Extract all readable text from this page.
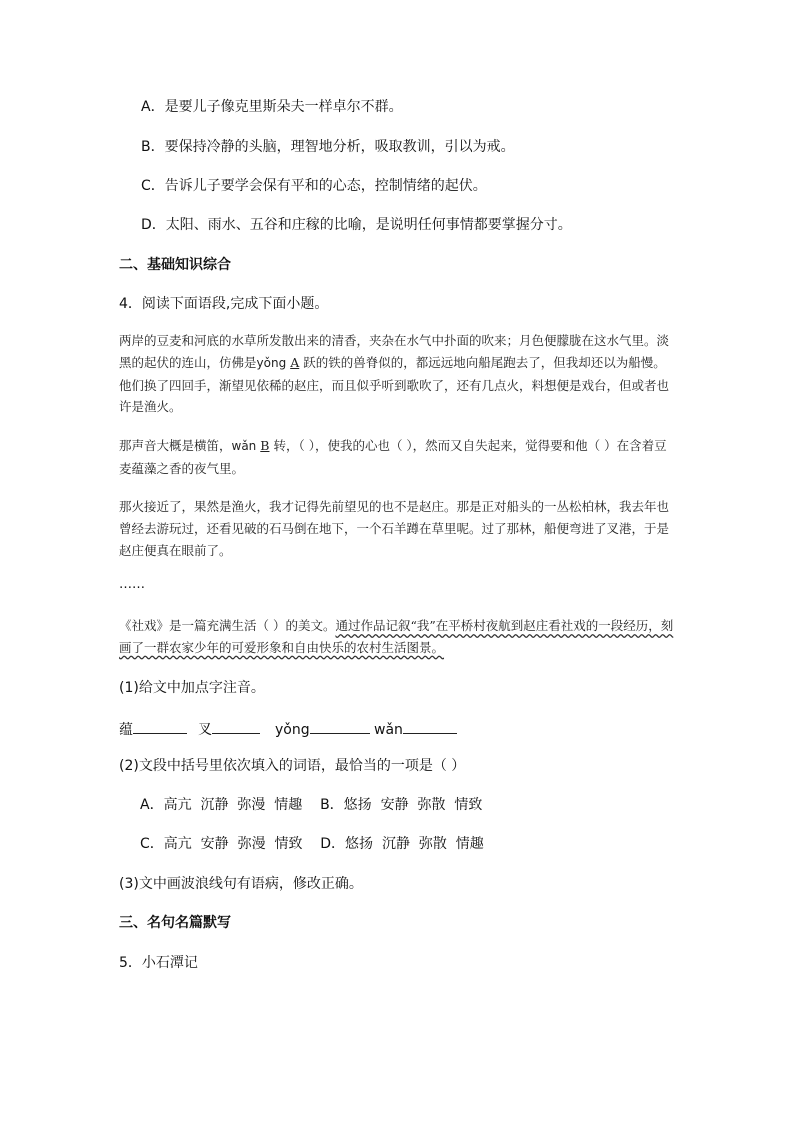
A．是要儿子像克里斯朵夫一样卓尔不群。
B．要保持冷静的头脑，理智地分析，吸取教训，引以为戒。
C．告诉儿子要学会保有平和的心态，控制情绪的起伏。
D．太阳、雨水、五谷和庄稼的比喻，是说明任何事情都要掌握分寸。
二、基础知识综合
4．阅读下面语段,完成下面小题。

两岸的豆麦和河底的水草所发散出来的清香，夹杂在水气中扑面的吹来；月色便朦胧在这水气里。淡黑的起伏的连山，仿佛是yǒng A 跃的铁的兽脊似的，都远远地向船尾跑去了，但我却还以为船慢。他们换了四回手，渐望见依稀的赵庄，而且似乎听到歌吹了，还有几点火，料想便是戏台，但或者也许是渔火。

那声音大概是横笛，wǎn B 转，（ ），使我的心也（ ），然而又自失起来，觉得要和他（ ）在含着豆麦蕴藻之香的夜气里。

那火接近了，果然是渔火，我才记得先前望见的也不是赵庄。那是正对船头的一丛松柏林，我去年也曾经去游玩过，还看见破的石马倒在地下，一个石羊蹲在草里呢。过了那林，船便弯进了叉港，于是赵庄便真在眼前了。

……

《社戏》是一篇充满生活（ ）的美文。通过作品记叙“我”在平桥村夜航到赵庄看社戏的一段经历，刻画了一群农家少年的可爱形象和自由快乐的农村生活图景。

(1)给文中加点字注音。
蕴	叉	yǒng	wǎn
(2)文段中括号里依次填入的词语，最恰当的一项是（ ）
A．高亢  沉静  弥漫  情趣    B．悠扬  安静  弥散  情致
C．高亢  安静  弥漫  情致    D．悠扬  沉静  弥散  情趣
(3)文中画波浪线句有语病，修改正确。
三、名句名篇默写
5．小石潭记
